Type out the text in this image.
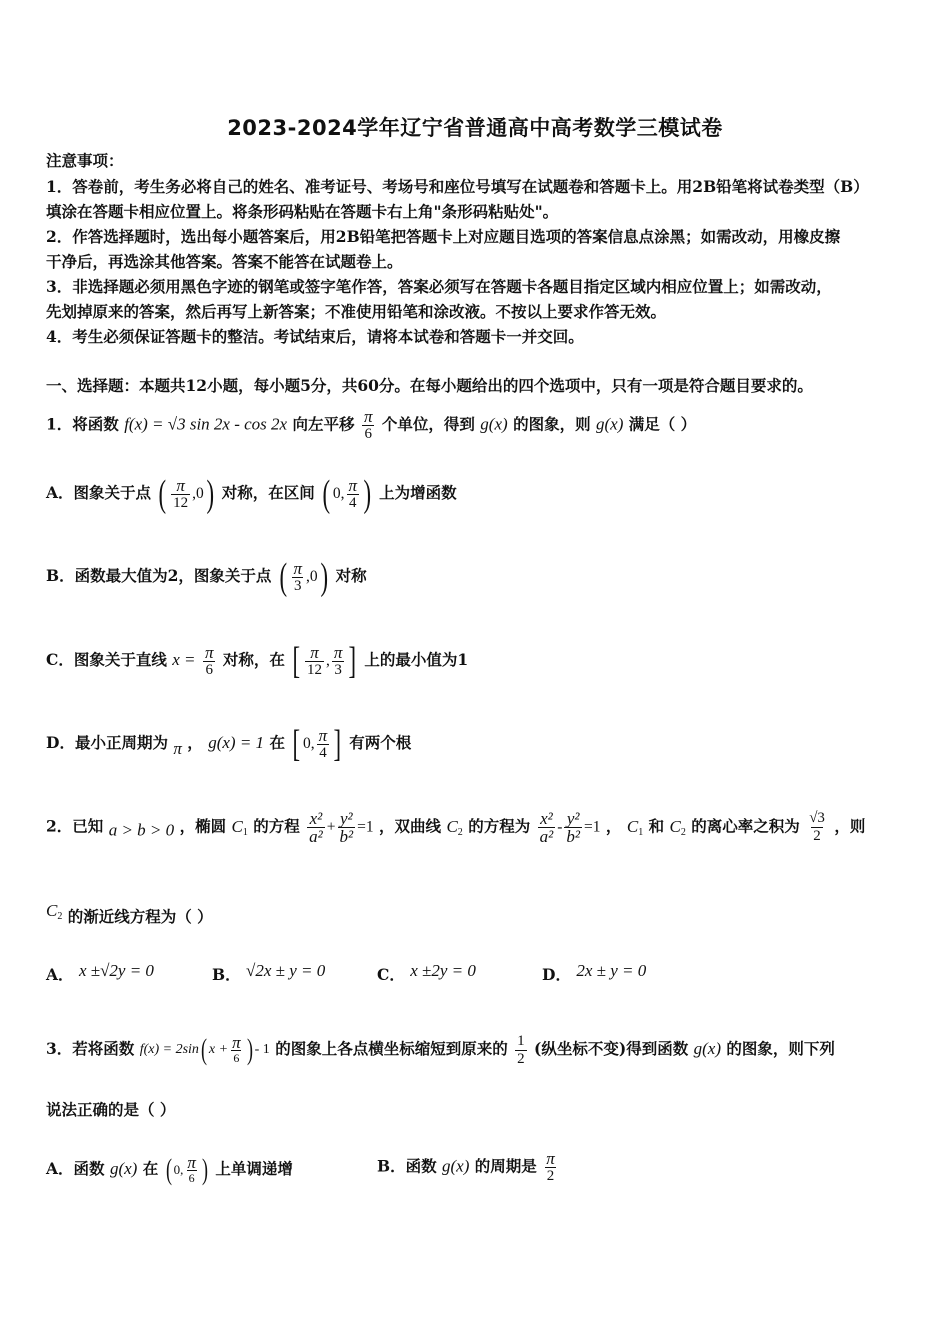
2023-2024学年辽宁省普通高中高考数学三模试卷
注意事项：
1．答卷前，考生务必将自己的姓名、准考证号、考场号和座位号填写在试题卷和答题卡上。用2B铅笔将试卷类型（B）
填涂在答题卡相应位置上。将条形码粘贴在答题卡右上角"条形码粘贴处"。
2．作答选择题时，选出每小题答案后，用2B铅笔把答题卡上对应题目选项的答案信息点涂黑；如需改动，用橡皮擦
干净后，再选涂其他答案。答案不能答在试题卷上。
3．非选择题必须用黑色字迹的钢笔或签字笔作答，答案必须写在答题卡各题目指定区域内相应位置上；如需改动，
先划掉原来的答案，然后再写上新答案；不准使用铅笔和涂改液。不按以上要求作答无效。
4．考生必须保证答题卡的整洁。考试结束后，请将本试卷和答题卡一并交回。
一、选择题：本题共12小题，每小题5分，共60分。在每小题给出的四个选项中，只有一项是符合题目要求的。
1．将函数 f(x) = √3 sin 2x - cos 2x 向左平移 $\frac{\pi}{6}$ 个单位，得到 g(x) 的图象，则 g(x) 满足（ ）
A．图象关于点 ( $\frac{\pi}{12} ,0$ ) 对称，在区间 ( 0, $\frac{\pi}{4}$ ) 上为增函数
B．函数最大值为2，图象关于点 ( $\frac{\pi}{3} ,0$ ) 对称
C．图象关于直线 $x = \frac{\pi}{6}$ 对称，在 [ $\frac{\pi}{12}$ , $\frac{\pi}{3}$ ] 上的最小值为1
D．最小正周期为 π ， g(x) = 1 在 [ 0, $\frac{\pi}{4}$ ] 有两个根
2．已知 a > b > 0 ，椭圆 $C_1$ 的方程 $\frac{\text{x²}}{\text{a²}} + \frac{\text{y²}}{\text{b²}} =1$ ，双曲线 $C_2$ 的方程为 $\frac{\text{x²}}{\text{a²}} - \frac{\text{y²}}{\text{b²}} =1$ ， $C_1$ 和 $C_2$ 的离心率之积为 $\frac{√3}{2}$ ，则
$C_2$ 的渐近线方程为（ ）
A． x ±√2y = 0	B． √2x ± y = 0	C． x ±2y = 0	D． 2x ± y = 0
3．若将函数 f(x) = 2sin ( $x + \frac{\pi}{6}$ ) - 1 的图象上各点横坐标缩短到原来的 $\frac{1}{2}$ (纵坐标不变)得到函数 g(x) 的图象，则下列
说法正确的是（ ）
A．函数 g(x) 在 ( 0, $\frac{\pi}{6}$ ) 上单调递增	B．函数 g(x) 的周期是 $\frac{\pi}{2}$
